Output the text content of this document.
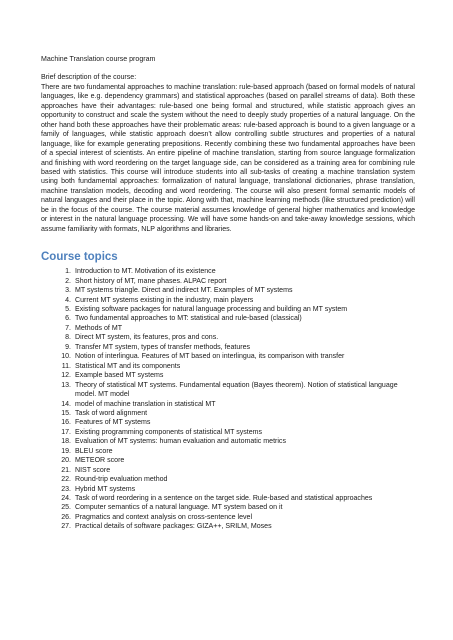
Machine Translation course program

Brief description of the course:

There are two fundamental approaches to machine translation: rule-based approach (based on formal models of natural languages, like e.g. dependency grammars) and statistical approaches (based on parallel streams of data). Both these approaches have their advantages: rule-based one being formal and structured, while statistic approach gives an opportunity to construct and scale the system without the need to deeply study properties of a natural language. On the other hand both these approaches have their problematic areas: rule-based approach is bound to a given language or a family of languages, while statistic approach doesn't allow controlling subtle structures and properties of a natural language, like for example generating prepositions. Recently combining these two fundamental approaches have been of a special interest of scientists. An entire pipeline of machine translation, starting from source language formalization and finishing with word reordering on the target language side, can be considered as a training area for combining rule based with statistics. This course will introduce students into all sub-tasks of creating a machine translation system using both fundamental approaches: formalization of natural language, translational dictionaries, phrase translation, machine translation models, decoding and word reordering. The course will also present formal semantic models of natural languages and their place in the topic. Along with that, machine learning methods (like structured prediction) will be in the focus of the course. The course material assumes knowledge of general higher mathematics and knowledge or interest in the natural language processing. We will have some hands-on and take-away knowledge sessions, which assume familiarity with formats, NLP algorithms and libraries.

Course topics
1. Introduction to MT. Motivation of its existence
2. Short history of MT, mane phases. ALPAC report
3. MT systems triangle. Direct and indirect MT. Examples of MT systems
4. Current MT systems existing in the industry, main players
5. Existing software packages for natural language processing and building an MT system
6. Two fundamental approaches to MT: statistical and rule-based (classical)
7. Methods of MT
8. Direct MT system, its features, pros and cons.
9. Transfer MT system, types of transfer methods, features
10. Notion of interlingua. Features of MT based on interlingua, its comparison with transfer
11. Statistical MT and its components
12. Example based MT systems
13. Theory of statistical MT systems. Fundamental equation (Bayes theorem). Notion of statistical language model. MT model
14. model of machine translation in statistical MT
15. Task of word alignment
16. Features of MT systems
17. Existing programming components of statistical MT systems
18. Evaluation of MT systems: human evaluation and automatic metrics
19. BLEU score
20. METEOR score
21. NIST score
22. Round-trip evaluation method
23. Hybrid MT systems
24. Task of word reordering in a sentence on the target side. Rule-based and statistical approaches
25. Computer semantics of a natural language. MT system based on it
26. Pragmatics and context analysis on cross-sentence level
27. Practical details of software packages: GIZA++, SRILM, Moses
